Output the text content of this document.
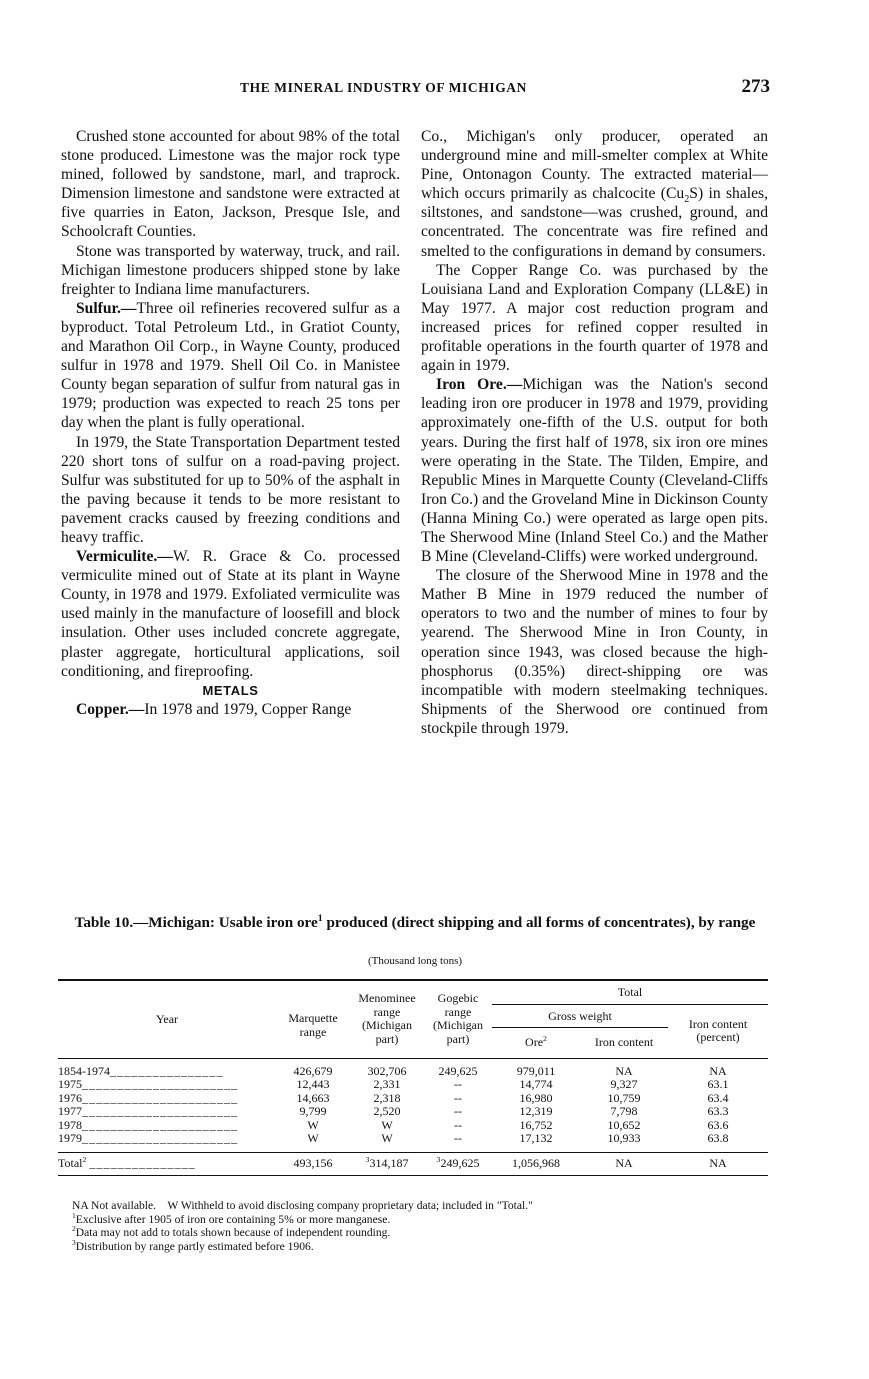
THE MINERAL INDUSTRY OF MICHIGAN	273

Crushed stone accounted for about 98% of the total stone produced. Limestone was the major rock type mined, followed by sandstone, marl, and traprock. Dimension limestone and sandstone were extracted at five quarries in Eaton, Jackson, Presque Isle, and Schoolcraft Counties.

Stone was transported by waterway, truck, and rail. Michigan limestone producers shipped stone by lake freighter to Indiana lime manufacturers.

Sulfur.—Three oil refineries recovered sulfur as a byproduct. Total Petroleum Ltd., in Gratiot County, and Marathon Oil Corp., in Wayne County, produced sulfur in 1978 and 1979. Shell Oil Co. in Manistee County began separation of sulfur from natural gas in 1979; production was expected to reach 25 tons per day when the plant is fully operational.

In 1979, the State Transportation Department tested 220 short tons of sulfur on a road-paving project. Sulfur was substituted for up to 50% of the asphalt in the paving because it tends to be more resistant to pavement cracks caused by freezing conditions and heavy traffic.

Vermiculite.—W. R. Grace & Co. processed vermiculite mined out of State at its plant in Wayne County, in 1978 and 1979. Exfoliated vermiculite was used mainly in the manufacture of loosefill and block insulation. Other uses included concrete aggregate, plaster aggregate, horticultural applications, soil conditioning, and fireproofing.

METALS

Copper.—In 1978 and 1979, Copper Range

Co., Michigan's only producer, operated an underground mine and mill-smelter complex at White Pine, Ontonagon County. The extracted material—which occurs primarily as chalcocite $(Cu_2S)$ in shales, siltstones, and sandstone—was crushed, ground, and concentrated. The concentrate was fire refined and smelted to the configurations in demand by consumers.

The Copper Range Co. was purchased by the Louisiana Land and Exploration Company (LL&E) in May 1977. A major cost reduction program and increased prices for refined copper resulted in profitable operations in the fourth quarter of 1978 and again in 1979.

Iron Ore.—Michigan was the Nation's second leading iron ore producer in 1978 and 1979, providing approximately one-fifth of the U.S. output for both years. During the first half of 1978, six iron ore mines were operating in the State. The Tilden, Empire, and Republic Mines in Marquette County (Cleveland-Cliffs Iron Co.) and the Groveland Mine in Dickinson County (Hanna Mining Co.) were operated as large open pits. The Sherwood Mine (Inland Steel Co.) and the Mather B Mine (Cleveland-Cliffs) were worked underground.

The closure of the Sherwood Mine in 1978 and the Mather B Mine in 1979 reduced the number of operators to two and the number of mines to four by yearend. The Sherwood Mine in Iron County, in operation since 1943, was closed because the high-phosphorus (0.35%) direct-shipping ore was incompatible with modern steelmaking techniques. Shipments of the Sherwood ore continued from stockpile through 1979.

Table 10.—Michigan: Usable iron ore$^1$ produced (direct shipping and all forms of concentrates), by range
(Thousand long tons)
Year	Marquette range	Menominee range (Michigan part)	Gogebic range (Michigan part)	Total		
				Gross weight		Iron content (percent)
				Ore$^2$	Iron content	
1854-1974________________	426,679	302,706	249,625	979,011	NA	NA
1975______________________	12,443	2,331	--	14,774	9,327	63.1
1976______________________	14,663	2,318	--	16,980	10,759	63.4
1977______________________	9,799	2,520	--	12,319	7,798	63.3
1978______________________	W	W	--	16,752	10,652	63.6
1979______________________	W	W	--	17,132	10,933	63.8
Total$^2$ _______________	493,156	$^3$314,187	$^3$249,625	1,056,968	NA	NA
NA Not available.    W Withheld to avoid disclosing company proprietary data; included in "Total."
$^1$Exclusive after 1905 of iron ore containing 5% or more manganese.
$^2$Data may not add to totals shown because of independent rounding.
$^3$Distribution by range partly estimated before 1906.
